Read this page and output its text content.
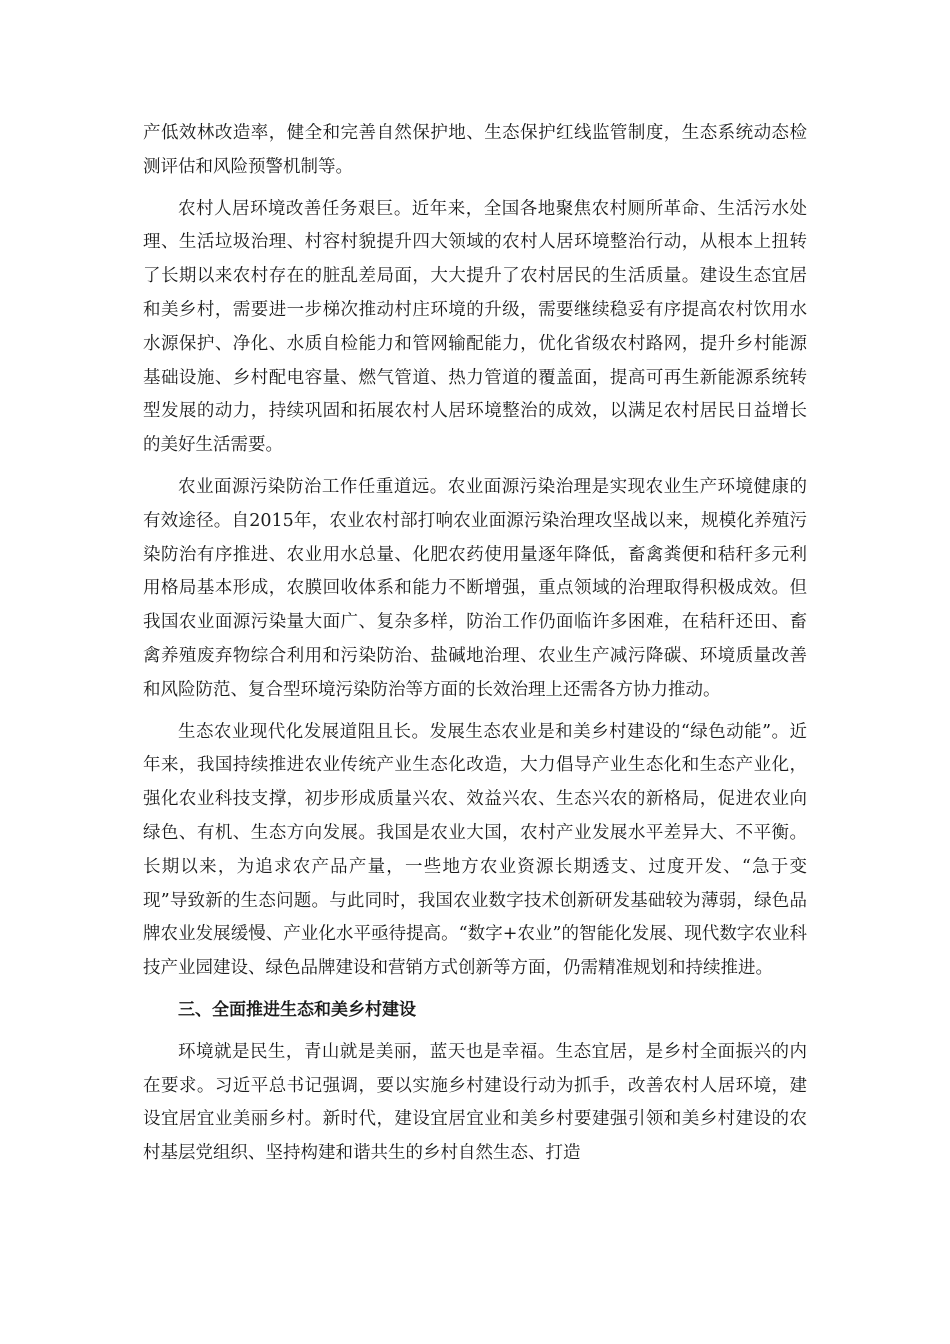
产低效林改造率，健全和完善自然保护地、生态保护红线监管制度，生态系统动态检测评估和风险预警机制等。

农村人居环境改善任务艰巨。近年来，全国各地聚焦农村厕所革命、生活污水处理、生活垃圾治理、村容村貌提升四大领域的农村人居环境整治行动，从根本上扭转了长期以来农村存在的脏乱差局面，大大提升了农村居民的生活质量。建设生态宜居和美乡村，需要进一步梯次推动村庄环境的升级，需要继续稳妥有序提高农村饮用水水源保护、净化、水质自检能力和管网输配能力，优化省级农村路网，提升乡村能源基础设施、乡村配电容量、燃气管道、热力管道的覆盖面，提高可再生新能源系统转型发展的动力，持续巩固和拓展农村人居环境整治的成效，以满足农村居民日益增长的美好生活需要。

农业面源污染防治工作任重道远。农业面源污染治理是实现农业生产环境健康的有效途径。自2015年，农业农村部打响农业面源污染治理攻坚战以来，规模化养殖污染防治有序推进、农业用水总量、化肥农药使用量逐年降低，畜禽粪便和秸秆多元利用格局基本形成，农膜回收体系和能力不断增强，重点领域的治理取得积极成效。但我国农业面源污染量大面广、复杂多样，防治工作仍面临许多困难，在秸秆还田、畜禽养殖废弃物综合利用和污染防治、盐碱地治理、农业生产减污降碳、环境质量改善和风险防范、复合型环境污染防治等方面的长效治理上还需各方协力推动。

生态农业现代化发展道阻且长。发展生态农业是和美乡村建设的“绿色动能”。近年来，我国持续推进农业传统产业生态化改造，大力倡导产业生态化和生态产业化，强化农业科技支撑，初步形成质量兴农、效益兴农、生态兴农的新格局，促进农业向绿色、有机、生态方向发展。我国是农业大国，农村产业发展水平差异大、不平衡。长期以来，为追求农产品产量，一些地方农业资源长期透支、过度开发、“急于变现”导致新的生态问题。与此同时，我国农业数字技术创新研发基础较为薄弱，绿色品牌农业发展缓慢、产业化水平亟待提高。“数字+农业”的智能化发展、现代数字农业科技产业园建设、绿色品牌建设和营销方式创新等方面，仍需精准规划和持续推进。

三、全面推进生态和美乡村建设

环境就是民生，青山就是美丽，蓝天也是幸福。生态宜居，是乡村全面振兴的内在要求。习近平总书记强调，要以实施乡村建设行动为抓手，改善农村人居环境，建设宜居宜业美丽乡村。新时代，建设宜居宜业和美乡村要建强引领和美乡村建设的农村基层党组织、坚持构建和谐共生的乡村自然生态、打造
